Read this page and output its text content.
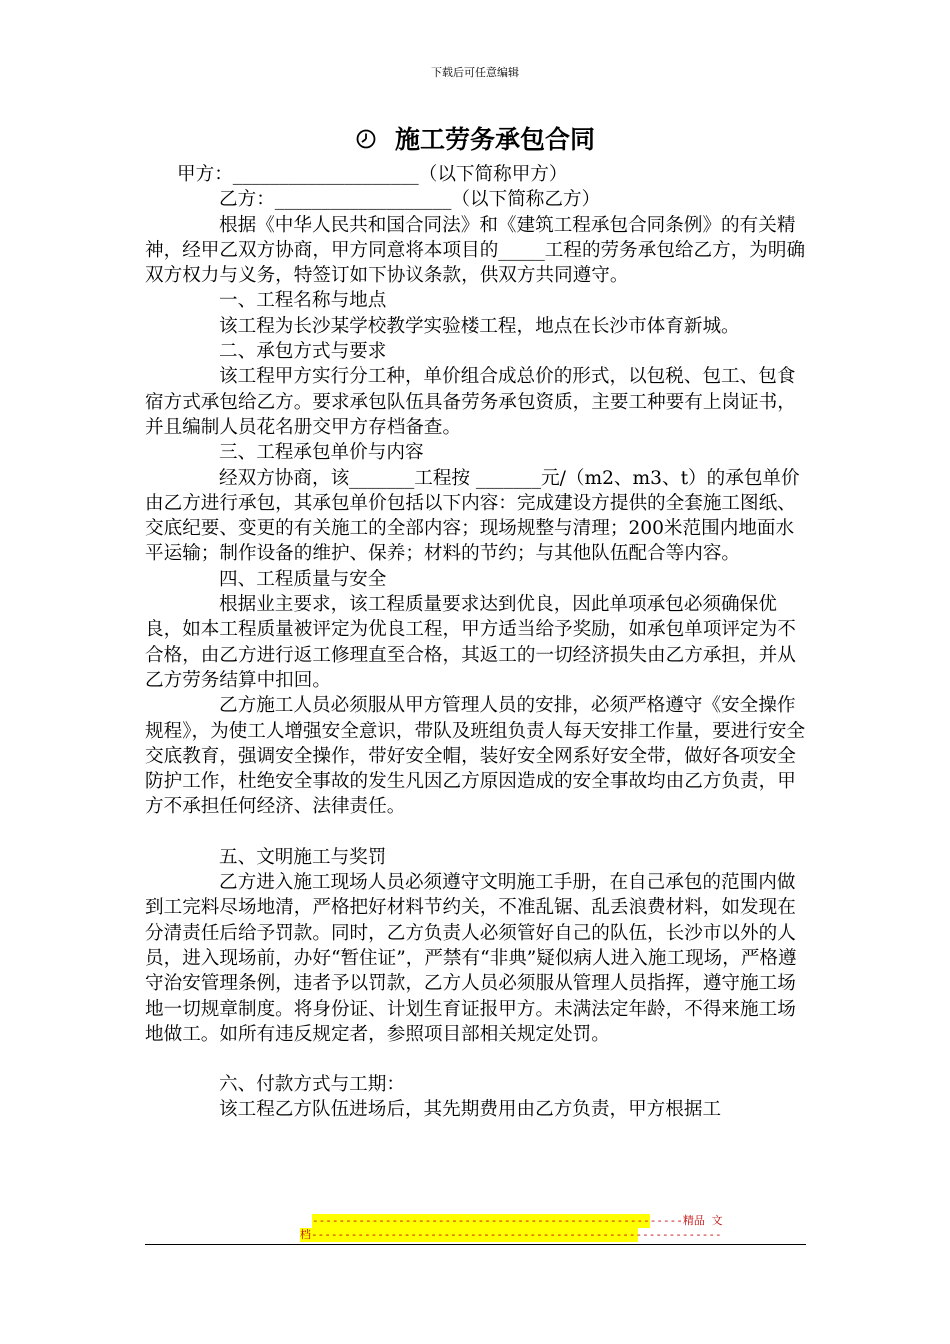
下载后可任意编辑
施工劳务承包合同

甲方：____________________（以下简称甲方）

乙方：___________________（以下简称乙方）

根据《中华人民共和国合同法》和《建筑工程承包合同条例》的有关精神，经甲乙双方协商，甲方同意将本项目的_____工程的劳务承包给乙方，为明确双方权力与义务，特签订如下协议条款，供双方共同遵守。

一、工程名称与地点

该工程为长沙某学校教学实验楼工程，地点在长沙市体育新城。

二、承包方式与要求

该工程甲方实行分工种，单价组合成总价的形式，以包税、包工、包食宿方式承包给乙方。要求承包队伍具备劳务承包资质，主要工种要有上岗证书，并且编制人员花名册交甲方存档备查。

三、工程承包单价与内容

经双方协商，该_______工程按 _______元/（m2、m3、t）的承包单价由乙方进行承包，其承包单价包括以下内容：完成建设方提供的全套施工图纸、交底纪要、变更的有关施工的全部内容；现场规整与清理；200米范围内地面水平运输；制作设备的维护、保养；材料的节约；与其他队伍配合等内容。

四、工程质量与安全

根据业主要求，该工程质量要求达到优良，因此单项承包必须确保优良，如本工程质量被评定为优良工程，甲方适当给予奖励，如承包单项评定为不合格，由乙方进行返工修理直至合格，其返工的一切经济损失由乙方承担，并从乙方劳务结算中扣回。

乙方施工人员必须服从甲方管理人员的安排，必须严格遵守《安全操作规程》，为使工人增强安全意识，带队及班组负责人每天安排工作量，要进行安全交底教育，强调安全操作，带好安全帽，装好安全网系好安全带，做好各项安全防护工作，杜绝安全事故的发生凡因乙方原因造成的安全事故均由乙方负责，甲方不承担任何经济、法律责任。

五、文明施工与奖罚

乙方进入施工现场人员必须遵守文明施工手册，在自己承包的范围内做到工完料尽场地清，严格把好材料节约关，不准乱锯、乱丢浪费材料，如发现在分清责任后给予罚款。同时，乙方负责人必须管好自己的队伍，长沙市以外的人员，进入现场前，办好“暂住证”，严禁有“非典”疑似病人进入施工现场，严格遵守治安管理条例，违者予以罚款，乙方人员必须服从管理人员指挥，遵守施工场地一切规章制度。将身份证、计划生育证报甲方。未满法定年龄，不得来施工场地做工。如所有违反规定者，参照项目部相关规定处罚。

六、付款方式与工期：

该工程乙方队伍进场后，其先期费用由乙方负责，甲方根据工

--------------------------------------------------------精品 文
档--------------------------------------------------------------
